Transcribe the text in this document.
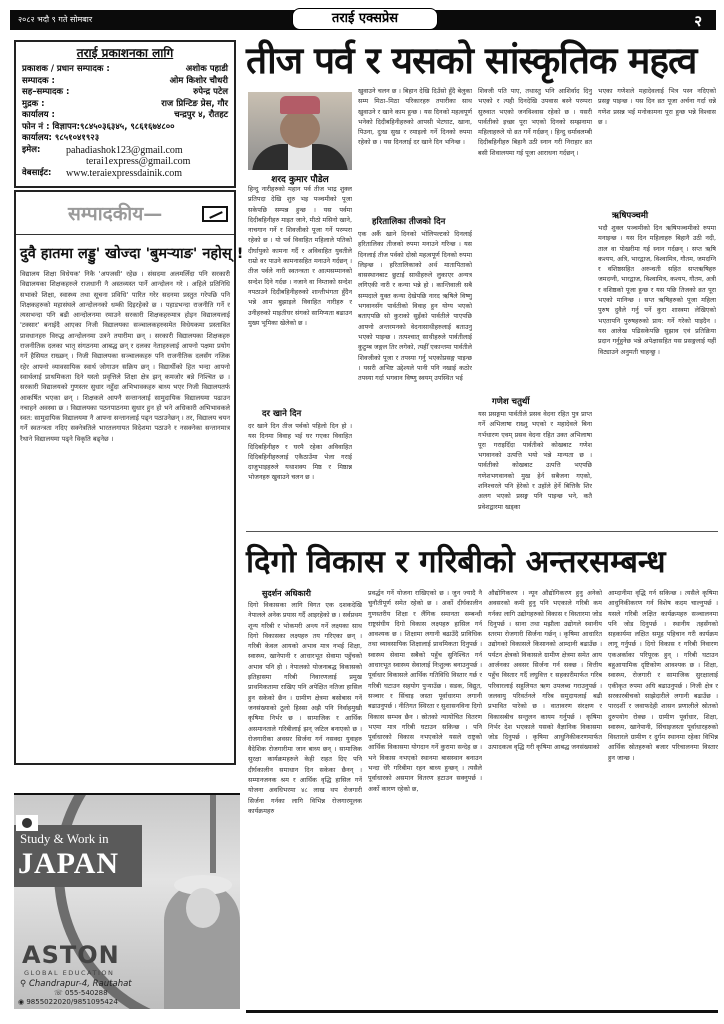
२०८२ भदौ ९ गते सोमबार	तराई एक्सप्रेस	२
तराई प्रकाशनका लागि
प्रकाशक / प्रधान सम्पादक :	अशोक पहाडी
सम्पादक :	ओम किशोर चौधरी
सह–सम्पादक :	रुपेन्द्र पटेल
मुद्रक :	राज प्रिन्टिङ प्रेस, गौर
कार्यालय :	चन्द्रपुर ४, रौतहट
फोन नं : विज्ञापन:९८४५०३६३४५, ९८६१६७४८००
कार्यालय: ९८५१०४१९२३
इमेल:	pahadiashok123@gmail.com
terai1express@gmail.com
वेबसाईट:	www.teraiexpressdainik.com
सम्पादकीय—
दुवै हातमा लड्डु' खोज्दा 'बुमर्‍याङ' नहोस् !
विद्यालय शिक्षा विधेयक' निकै 'अपजसी' रहेछ । संसदमा अलमलिँदा पनि सरकारी विद्यालयका शिक्षकहरुले राजधानी नै अस्तव्यस्त पार्ने आन्दोलन गरे । अहिले प्रतिनिधि सभाको शिक्षा, स्वास्थ्य तथा सूचना प्रविधि' पारित गरेर सदनमा प्रस्तुत गरेपछि पनि शिक्षकहरुको महासंघले आन्दोलनको धम्की दिइरहेको छ । पहाडभन्दा राजनीति गर्ने र त्यसभन्दा पनि बढी आन्दोलनमा रमाउने सरकारी शिक्षकहरुमात्र होइन विद्यालयलाई 'टक्सार' बनाईदै आएका निजी विद्यालयका सञ्चालकहरुसमेत विधेयकमा प्रस्तावित प्रावधानहरु विरुद्ध आन्दोलनमा उत्रने तयारीमा छन् । सरकारी विद्यालयका शिक्षकहरु राजनीतिक दलका भातृ संगठनमा आबद्ध छन् र दलका नेताहरुलाई आफ्नो पक्षमा प्रयोग गर्ने हैसियत राख्छन् । निजी विद्यालयका सञ्चालकहरु पनि राजनीतिक दलसँग नजिक रहेर आफ्नो व्यावसायिक स्वार्थ जोगाउन सक्रिय छन् । विद्यार्थीको हित भन्दा आफ्नो स्वार्थलाई प्राथमिकता दिने यस्तो प्रवृत्तिले शिक्षा क्षेत्र झन् कमजोर बन्ने निश्चित छ । सरकारी विद्यालयको गुणस्तर सुधार नहुँदा अभिभावकहरु बाध्य भएर निजी विद्यालयतर्फ आकर्षित भएका छन् । शिक्षकले आफ्नै सन्तानलाई सामुदायिक विद्यालयमा पढाउन नचाहने अवस्था छ । विद्यालयका पठनपाठनमा सुधार हुन हो भने अधिकारी अभिभावकले स्वत: सामुदायिक विद्यालयमा नै आफ्ना सन्तानलाई पढ्न पठाउनेछन् । तर, विद्यालय चयन गर्ने स्वतन्त्रता नदिए सक्नेत्रतिले भारतलगायत विदेशमा पठाउने र नसक्नेका सन्तानमात्र रैथाने विद्यालयमा पढ्ने विकृति बढ्नेछ ।
Study & Work in
JAPAN
ASTON
GLOBAL EDUCATION
⚲ Chandrapur-4, Rautahat
☏ 055-540288
◉ 9855022020/9851095424
तीज पर्व र यसको सांस्कृतिक महत्व
शरद कुमार पौडेल
हिन्दु नारीहरुको महान पर्व तीज भाद्र शुक्ल प्रतिपदा देखि शुरु भइ पञ्चमीको पूजा सकेपछि सम्पन्न हुन्छ । यस पर्वमा दिदीबहिनीहरु माइत जाने, मीठो मसिनो खाने, नाचगान गर्ने र शिवजीको पूजा गर्ने परम्परा रहेको छ । यो पर्व विवाहित महिलाले पतिको दीर्घायुको कामना गर्दै र अविवाहित युवतीले राम्रो वर पाउने कामनासहित मनाउने गर्दछन् । तीज पर्वले नारी स्वतन्त्रता र आत्मसम्मानको सन्देश दिने गर्दछ । नजाने वा निम्ताको सन्देश नपठाउने दिदीबहिनीहरुको शान्तीभंगता हुँदैन भन्ने आम बुझाइले विवाहित नारीहरु र उनीहरुको माइतीघर संगको सामिप्यता बढाउन मुख्य भूमिका खेलेको छ ।
दर खाने दिन
दर खाने दिन तीज पर्वको पहिलो दिन हो । यस दिनमा विवाह भई घर गएका विवाहित दिदिबहिनीहरु र घरमै रहेका अविवाहित दिदिबहिनीहरुलाई एकैठाउँमा भेला गराई दाजुभाइहरुले यथाशक्य मिष्ठ र मिष्ठान्न भोजनहरु खुवाउने चलन छ ।
खुवाउने चलन छ । बिहान देखि दिउँसो हुँदै बेलुका सम्म मिठा–मिठा परिकारहरु तयारीका साथ खुवाउने र खाने काम हुन्छ । यस दिनको महत्वपूर्ण भनेको दिदीबहिनीहरुको आपसी भेटघाट, खाना, पिउना, दुःख सुख र रमाइलो गर्ने दिनको रुपमा रहेको छ । यस दिनलाई दर खाने दिन भनिन्छ ।
हरितालिका तीजको दिन
एक अर्कै खाने दिनको भोलिपल्टको दिनलाई हरितालिका तीजको रुपमा मनाउने गरिन्छ । यस दिनलाई तीज पर्वको दोस्रो महत्वपूर्ण दिनको रुपमा लिइन्छ । हरितालिकाको अर्थ मातापिताको वासस्थानबाट छुटाई साथीहरुले लुकाएर अन्यत्र लगिएकी नारी र कन्या भन्ने हो । कान्तिवाली सबै सम्पदाले युक्त कन्या देखेपछि नारद ऋषिले विष्णु भगवानसँग पार्वतीको विवाह हुन योग्य भएको बताएपछि सो कुराको सुइँको पार्वतीले पाएपछि आफ्नो अन्तरमनको वेदनासाथीहरुलाई बताउनु भएको पाइन्छ । तत्पश्चात् साथीहरुले पार्वतीलाई कुटुम्ब जङ्गल तिर लगेको, त्यहीँ एकान्तमा पार्वतीले शिवजीको पूजा र तपस्या गर्नु भएकोप्रसङ्ग पाइन्छ । यसरी अभिष्ट उद्देश्यले पानी पनि नखाई कठोर तपस्या गर्दा भगवान विष्णु स्वयम् उपस्थित भई
शिवजी पति पाए, तथास्तु भनि आशिर्वाद दिनु भएको र त्यही दिनदेखि उपवास बस्ने परम्परा सुरुवात भएको जनविश्वास रहेको छ । यसरी पार्वतीको इच्छा पूरा भएको दिनको सम्झनामा महिलाहरुले यो व्रत गर्ने गर्दछन् । हिन्दु धर्मावलम्बी दिदीबहिनीहरु बिहानै उठी स्नान गरी निराहार व्रत बसी शिवालयमा गई पूजा आराधना गर्दछन् ।
गणेश चतुर्थी
यस प्रसङ्गमा पार्वतीले प्रसव वेदना रहित पुत्र प्राप्त गर्ने अभिलाषा राख्नु भएको र महादेवले बिना गर्भधारण एवम् प्रसव वेदना रहित उक्त अभिलाषा पूरा गराइदिँदा पार्वतीको कोखबाट गणेश भगवानको उत्पत्ति भयो भन्ने मान्यता छ । पार्वतीको कोखबाट उत्पत्ति भएपछि गणेशभगवानको मुख हेर्न सबैजना गएको, शनिश्चरले पनि हेरेको र उहाँले हेर्ने बित्तिकै शिर अलग भएको प्रसङ्ग पनि पाइन्छ भने, कतै प्रवेशद्वारमा खड्का
भएका गणेशले महादेवलाई भित्र पस्न नदिएको प्रसङ्ग पाइन्छ । यस दिन व्रत पूजा अर्चना गर्दा धन्ने गणेश प्रसन्न भई मनोकामना पूरा हुन्छ भन्ने विश्वास छ ।
ऋषिपञ्चमी
भदौ शुक्ल पञ्चमीको दिन ऋषिपञ्चमीको रुपमा मनाइन्छ । यस दिन महिलाहरु बिहानै उठी नदी, ताल वा पोखरीमा गई स्नान गर्दछन् । सप्त ऋषि कश्यप, अत्रि, भारद्वाज, विश्वामित्र, गौतम, जमदग्नि र वशिष्ठसहित अरुन्धती सहित सप्तऋषिहरु जमदग्नी, भारद्वाज, विश्वामित्र, कश्यप, गौतम, अत्री र वशिष्ठको पूजा हुन्छ र यस पछि तिजको व्रत पूरा भएको मानिन्छ । सप्त ऋषिहरुको पूजा महिला पुरुष दुवैले गर्नु पर्ने कुरा शास्त्रमा लेखिएको भएतापनि पुरुषहरुको प्राय: गर्ने गरेको पाइदैन । यस आलेख पढिसकेपछि सुझाव एवं प्रतिक्रिया प्रदान गर्नुहुनेछ भन्ने अपेक्षासहित यस प्रसङ्गलाई यहीँ विट्याउने अनुमती चाहन्छु ।
दिगो विकास र गरिबीको अन्तरसम्बन्ध
सुदर्शन अधिकारी
दिगो विकासका लागि विगत एक दशकदेखि नेपालले अनेक प्रयास गर्दै आइरहेको छ । सर्वप्रथम शून्य गरिबी र भोकमरी अन्त्य गर्ने लक्ष्यका साथ दिगो विकासका लक्ष्यहरु तय गरिएका छन् । गरिबी केवल आयको अभाव मात्र नभई शिक्षा, स्वास्थ्य, खानेपानी र आधारभूत सेवामा पहुँचको अभाव पनि हो । नेपालको योजनाबद्ध विकासको इतिहासमा गरिबी निवारणलाई प्रमुख प्राथमिकतामा राखिए पनि अपेक्षित नतिजा हासिल हुन सकेको छैन । ग्रामीण क्षेत्रमा बसोबास गर्ने जनसंख्याको ठूलो हिस्सा अझै पनि निर्वाहमुखी कृषिमा निर्भर छ । सामाजिक र आर्थिक असमानताले गरिबीलाई झन् जटिल बनाएको छ । रोजगारीका अवसर सिर्जना गर्न नसक्दा युवाहरु वैदेशिक रोजगारीमा जान बाध्य छन् । सामाजिक सुरक्षा कार्यक्रमहरुले केही राहत दिए पनि दीर्घकालीन समाधान दिन सकेका छैनन् । सम्मानजनक श्रम र आर्थिक वृद्धि हासिल गर्ने योजना अवधिभरमा ४८ लाख थप रोजगारी सिर्जना गर्नका लागि विभिन्न रोजगारमूलक कार्यक्रमहरु
प्रवर्द्धन गर्ने योजना राखिएको छ । जुन ज्यादै नै चुनौतीपूर्ण समेत रहेको छ । अर्को दीर्घकालीन गुणस्तरीय शिक्षा र लैंगिक समानता सम्बन्धी राष्ट्रसंघीय दिगो विकास लक्ष्यहरु हासिल गर्न आवश्यक छ । शिक्षामा लगानी बढाउँदै प्राविधिक तथा व्यावसायिक शिक्षालाई प्राथमिकता दिनुपर्छ । स्वास्थ्य सेवामा सबैको पहुँच सुनिश्चित गर्न आधारभूत स्वास्थ्य सेवालाई निःशुल्क बनाउनुपर्छ । पूर्वाधार विकासले आर्थिक गतिविधि विस्तार गर्छ र गरिबी घटाउन सहयोग पुर्‍याउँछ । सडक, विद्युत, सञ्चार र सिंचाइ जस्ता पूर्वाधारमा लगानी बढाउनुपर्छ । नीतिगत स्थिरता र सुशासनविना दिगो विकास सम्भव छैन । स्रोतको न्यायोचित वितरण भएमा मात्र गरिबी घटाउन सकिन्छ । पनि पूर्वाधारको विकास नभएकोले यसले राष्ट्रको आर्थिक विकासमा योगदान गर्ने कुरामा सन्देह छ । भने विकास नभएको स्थानमा बासस्थान बनाउन भन्दा धेरै गरिबीमा रहन बाध्य हुन्छन् । त्यसैले पूर्वाधारको असमान वितरण हटाउन सक्नुपर्छ । अर्को कारण रहेको छ,
औद्योगिकरण । न्यून औद्योगिकरण हुनु अनेको अवसरको कमी हुनु पनि भएकाले गरिबी कम गर्नका लागि उद्योगहरुको विकास र विस्तारमा जोड दिनुपर्छ । साना तथा मझौला उद्योगले स्थानीय स्तरमा रोजगारी सिर्जना गर्छन् । कृषिमा आधारित उद्योगको विकासले किसानको आम्दानी बढाउँछ । पर्यटन क्षेत्रको विकासले ग्रामीण क्षेत्रमा समेत आय आर्जनका अवसर सिर्जना गर्न सक्छ । वित्तीय पहुँच विस्तार गर्दै लघुवित्त र सहकारीमार्फत गरिब परिवारलाई सहुलियत ऋण उपलब्ध गराउनुपर्छ । जलवायु परिवर्तनले गरिब समुदायलाई बढी प्रभावित पारेको छ । वातावरण संरक्षण र विकासबीच सन्तुलन कायम गर्नुपर्छ । कृषिमा निर्भर देश भएकाले यसको वैज्ञानिक विकासमा जोड दिनुपर्छ । कृषिमा आधुनिकीकरणमार्फत उत्पादकत्व वृद्धि गरी कृषिमा आबद्ध जनसंख्याको
आम्दानीमा वृद्धि गर्न सकिन्छ । त्यसैले कृषिमा आधुनिकीकरण गर्न विशेष कदम चाल्नुपर्छ । यसले गरिबी लक्षित कार्यक्रमहरु सञ्चालनमा पनि जोड दिनुपर्छ । स्थानीय तहसँगको सहकार्यमा लक्षित समूह पहिचान गरी कार्यक्रम लागू गर्नुपर्छ । दिगो विकास र गरिबी निवारण एकअर्काका परिपूरक हुन् । गरिबी घटाउन बहुआयामिक दृष्टिकोण आवश्यक छ । शिक्षा, स्वास्थ्य, रोजगारी र सामाजिक सुरक्षालाई एकीकृत रुपमा अघि बढाउनुपर्छ । निजी क्षेत्र र सरकारबीचको साझेदारीले लगानी बढाउँछ । पारदर्शी र जवाफदेही शासन प्रणालीले स्रोतको दुरुपयोग रोक्छ । ग्रामीण पूर्वाधार, शिक्षा, स्वास्थ्य, खानेपानी, सिंचाइजस्ता पूर्वाधारहरुको विस्तारले ग्रामीण र दुर्गम स्थानमा रहेका विभिन्न आर्थिक स्रोतहरुको बजार परिचालनमा विस्तार हुन जान्छ ।
